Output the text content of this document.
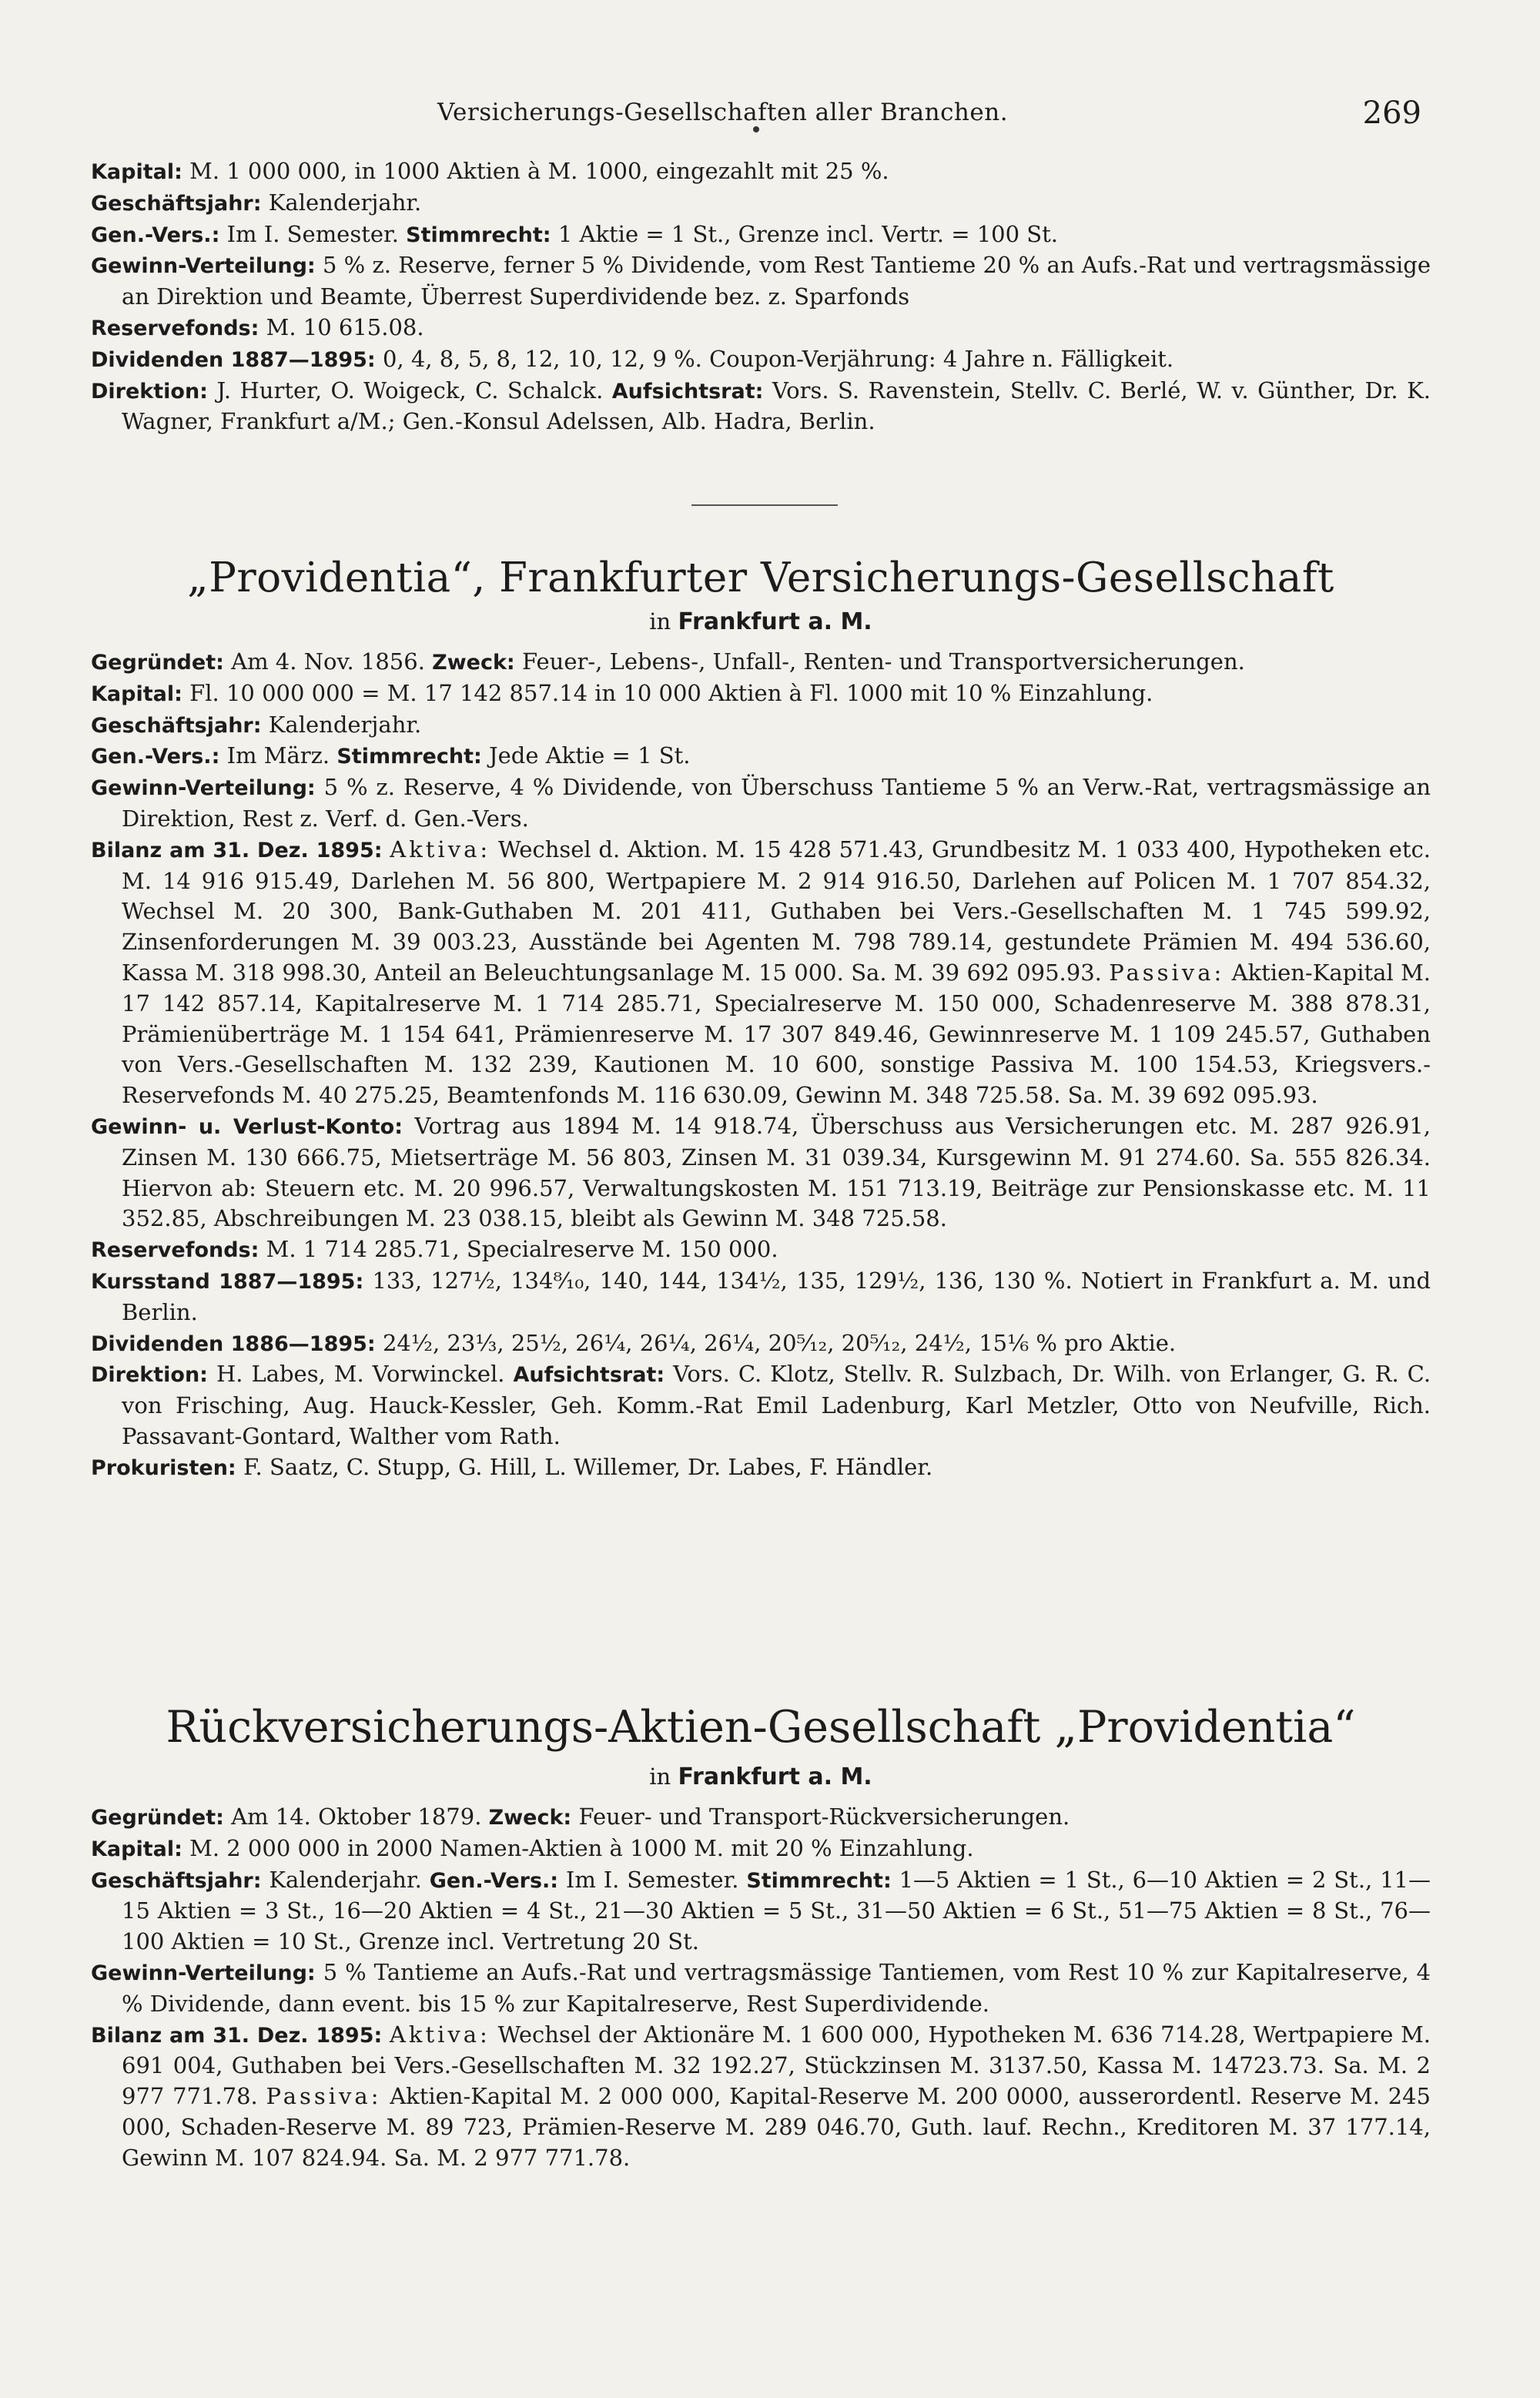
Versicherungs-Gesellschaften aller Branchen.	269

Kapital: M. 1 000 000, in 1000 Aktien à M. 1000, eingezahlt mit 25 %.

Geschäftsjahr: Kalenderjahr.

Gen.-Vers.: Im I. Semester. Stimmrecht: 1 Aktie = 1 St., Grenze incl. Vertr. = 100 St.

Gewinn-Verteilung: 5 % z. Reserve, ferner 5 % Dividende, vom Rest Tantieme 20 % an Aufs.-Rat und vertragsmässige an Direktion und Beamte, Überrest Superdividende bez. z. Sparfonds

Reservefonds: M. 10 615.08.

Dividenden 1887—1895: 0, 4, 8, 5, 8, 12, 10, 12, 9 %. Coupon-Verjährung: 4 Jahre n. Fälligkeit.

Direktion: J. Hurter, O. Woigeck, C. Schalck. Aufsichtsrat: Vors. S. Ravenstein, Stellv. C. Berlé, W. v. Günther, Dr. K. Wagner, Frankfurt a/M.; Gen.-Konsul Adelssen, Alb. Hadra, Berlin.

„Providentia“, Frankfurter Versicherungs-Gesellschaft
in Frankfurt a. M.

Gegründet: Am 4. Nov. 1856. Zweck: Feuer-, Lebens-, Unfall-, Renten- und Transportversicherungen.

Kapital: Fl. 10 000 000 = M. 17 142 857.14 in 10 000 Aktien à Fl. 1000 mit 10 % Einzahlung.

Geschäftsjahr: Kalenderjahr.

Gen.-Vers.: Im März. Stimmrecht: Jede Aktie = 1 St.

Gewinn-Verteilung: 5 % z. Reserve, 4 % Dividende, von Überschuss Tantieme 5 % an Verw.-Rat, vertragsmässige an Direktion, Rest z. Verf. d. Gen.-Vers.

Bilanz am 31. Dez. 1895: Aktiva: Wechsel d. Aktion. M. 15 428 571.43, Grundbesitz M. 1 033 400, Hypotheken etc. M. 14 916 915.49, Darlehen M. 56 800, Wertpapiere M. 2 914 916.50, Darlehen auf Policen M. 1 707 854.32, Wechsel M. 20 300, Bank-Guthaben M. 201 411, Guthaben bei Vers.-Gesellschaften M. 1 745 599.92, Zinsenforderungen M. 39 003.23, Ausstände bei Agenten M. 798 789.14, gestundete Prämien M. 494 536.60, Kassa M. 318 998.30, Anteil an Beleuchtungsanlage M. 15 000. Sa. M. 39 692 095.93. Passiva: Aktien-Kapital M. 17 142 857.14, Kapitalreserve M. 1 714 285.71, Specialreserve M. 150 000, Schadenreserve M. 388 878.31, Prämienüberträge M. 1 154 641, Prämienreserve M. 17 307 849.46, Gewinnreserve M. 1 109 245.57, Guthaben von Vers.-Gesellschaften M. 132 239, Kautionen M. 10 600, sonstige Passiva M. 100 154.53, Kriegsvers.-Reservefonds M. 40 275.25, Beamtenfonds M. 116 630.09, Gewinn M. 348 725.58. Sa. M. 39 692 095.93.

Gewinn- u. Verlust-Konto: Vortrag aus 1894 M. 14 918.74, Überschuss aus Versicherungen etc. M. 287 926.91, Zinsen M. 130 666.75, Mietserträge M. 56 803, Zinsen M. 31 039.34, Kursgewinn M. 91 274.60. Sa. 555 826.34. Hiervon ab: Steuern etc. M. 20 996.57, Verwaltungskosten M. 151 713.19, Beiträge zur Pensionskasse etc. M. 11 352.85, Abschreibungen M. 23 038.15, bleibt als Gewinn M. 348 725.58.

Reservefonds: M. 1 714 285.71, Specialreserve M. 150 000.

Kursstand 1887—1895: 133, 127½, 134⁸⁄₁₀, 140, 144, 134½, 135, 129½, 136, 130 %. Notiert in Frankfurt a. M. und Berlin.

Dividenden 1886—1895: 24½, 23⅓, 25½, 26¼, 26¼, 26¼, 20⁵⁄₁₂, 20⁵⁄₁₂, 24½, 15⅙ % pro Aktie.

Direktion: H. Labes, M. Vorwinckel. Aufsichtsrat: Vors. C. Klotz, Stellv. R. Sulzbach, Dr. Wilh. von Erlanger, G. R. C. von Frisching, Aug. Hauck-Kessler, Geh. Komm.-Rat Emil Ladenburg, Karl Metzler, Otto von Neufville, Rich. Passavant-Gontard, Walther vom Rath.

Prokuristen: F. Saatz, C. Stupp, G. Hill, L. Willemer, Dr. Labes, F. Händler.

Rückversicherungs-Aktien-Gesellschaft „Providentia“
in Frankfurt a. M.

Gegründet: Am 14. Oktober 1879. Zweck: Feuer- und Transport-Rückversicherungen.

Kapital: M. 2 000 000 in 2000 Namen-Aktien à 1000 M. mit 20 % Einzahlung.

Geschäftsjahr: Kalenderjahr. Gen.-Vers.: Im I. Semester. Stimmrecht: 1—5 Aktien = 1 St., 6—10 Aktien = 2 St., 11—15 Aktien = 3 St., 16—20 Aktien = 4 St., 21—30 Aktien = 5 St., 31—50 Aktien = 6 St., 51—75 Aktien = 8 St., 76—100 Aktien = 10 St., Grenze incl. Vertretung 20 St.

Gewinn-Verteilung: 5 % Tantieme an Aufs.-Rat und vertragsmässige Tantiemen, vom Rest 10 % zur Kapitalreserve, 4 % Dividende, dann event. bis 15 % zur Kapitalreserve, Rest Superdividende.

Bilanz am 31. Dez. 1895: Aktiva: Wechsel der Aktionäre M. 1 600 000, Hypotheken M. 636 714.28, Wertpapiere M. 691 004, Guthaben bei Vers.-Gesellschaften M. 32 192.27, Stückzinsen M. 3137.50, Kassa M. 14723.73. Sa. M. 2 977 771.78. Passiva: Aktien-Kapital M. 2 000 000, Kapital-Reserve M. 200 0000, ausserordentl. Reserve M. 245 000, Schaden-Reserve M. 89 723, Prämien-Reserve M. 289 046.70, Guth. lauf. Rechn., Kreditoren M. 37 177.14, Gewinn M. 107 824.94. Sa. M. 2 977 771.78.
